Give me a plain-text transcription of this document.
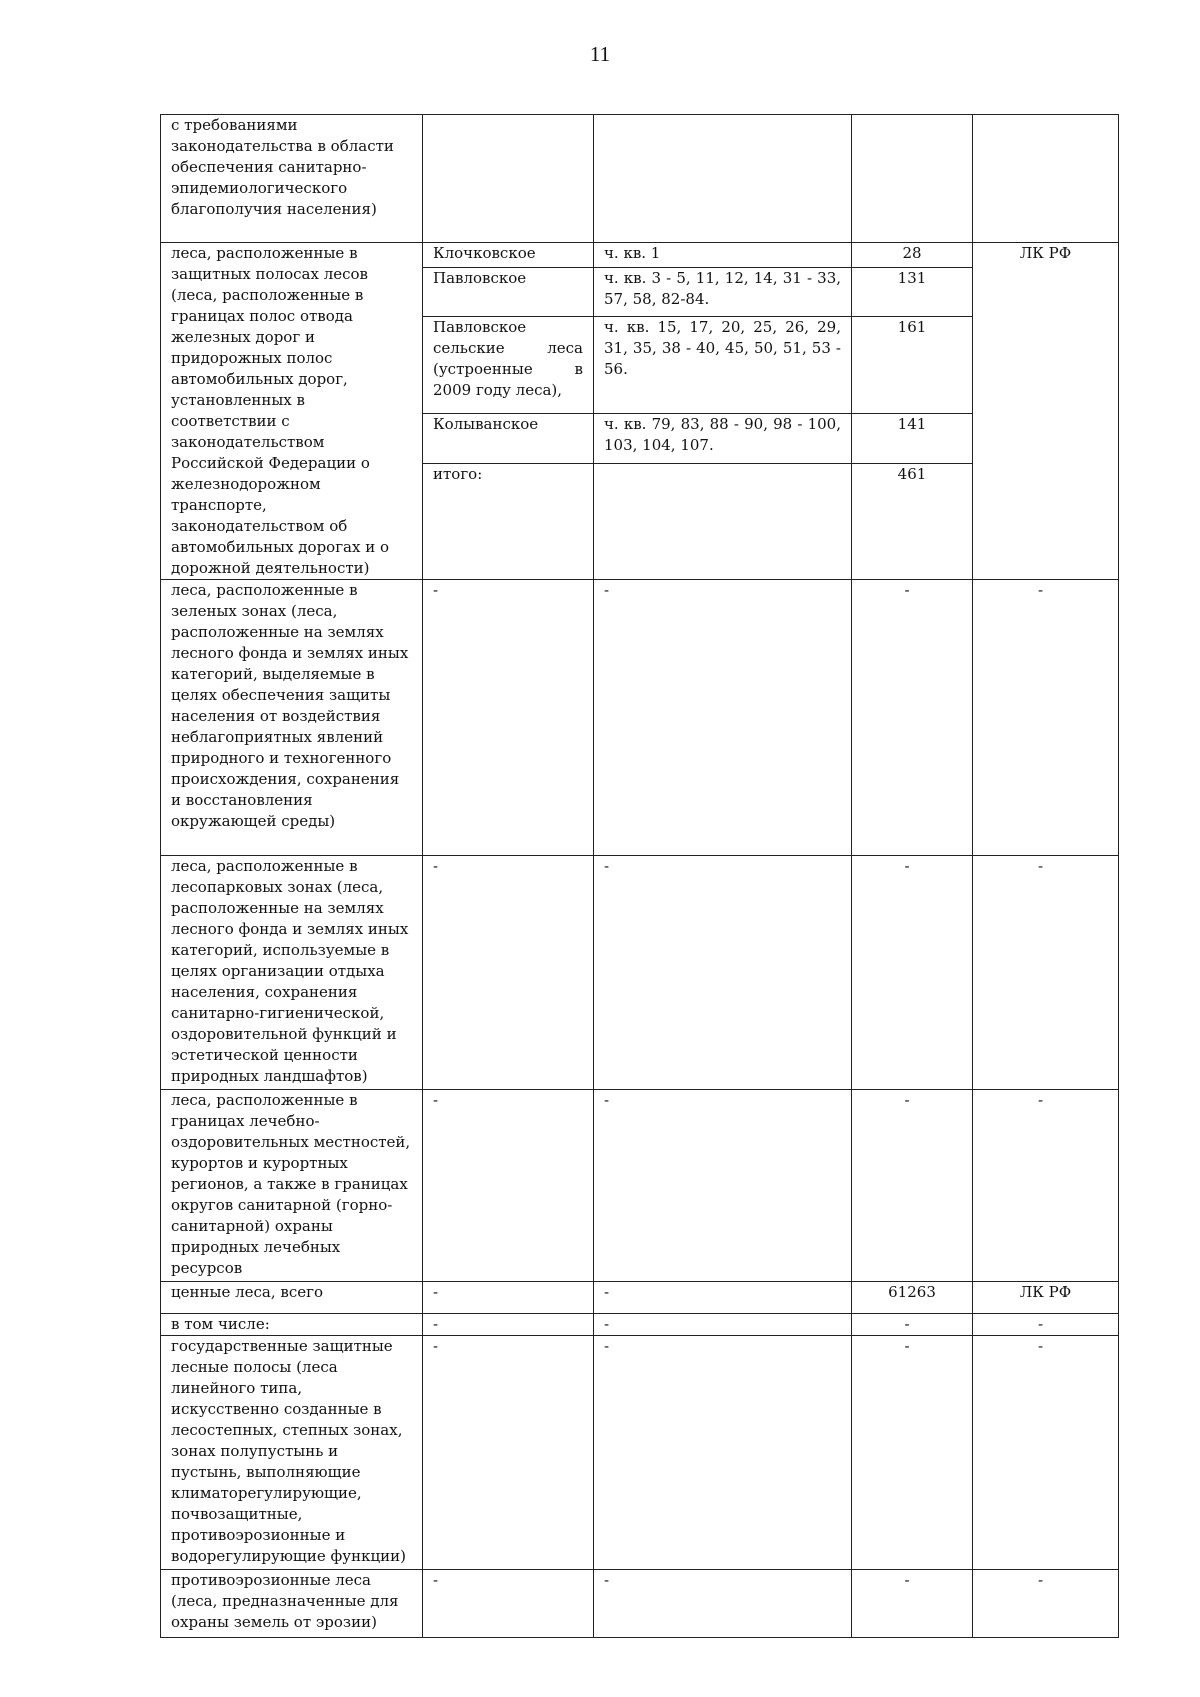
11
с требованиями законодательства в области обеспечения санитарно-эпидемиологического благополучия населения)				
леса, расположенные в защитных полосах лесов (леса, расположенные в границах полос отвода железных дорог и придорожных полос автомобильных дорог, установленных в соответствии с законодательством Российской Федерации о железнодорожном транспорте, законодательством об автомобильных дорогах и о дорожной деятельности)	Клочковское	ч. кв. 1	28	ЛК РФ
	Павловское	ч. кв. 3 - 5, 11, 12, 14, 31 - 33, 57, 58, 82-84.	131	
	Павловское сельские леса (устроенные в 2009 году леса),	ч. кв. 15, 17, 20, 25, 26, 29, 31, 35, 38 - 40, 45, 50, 51, 53 - 56.	161	
	Колыванское	ч. кв. 79, 83, 88 - 90, 98 - 100, 103, 104, 107.	141	
	итого:		461	
леса, расположенные в зеленых зонах (леса, расположенные на землях лесного фонда и землях иных категорий, выделяемые в целях обеспечения защиты населения от воздействия неблагоприятных явлений природного и техногенного происхождения, сохранения и восстановления окружающей среды)	-	-	-	-
леса, расположенные в лесопарковых зонах (леса, расположенные на землях лесного фонда и землях иных категорий, используемые в целях организации отдыха населения, сохранения санитарно-гигиенической, оздоровительной функций и эстетической ценности природных ландшафтов)	-	-	-	-
леса, расположенные в границах лечебно-оздоровительных местностей, курортов и курортных регионов, а также в границах округов санитарной (горно-санитарной) охраны природных лечебных ресурсов	-	-	-	-
ценные леса, всего	-	-	61263	ЛК РФ
в том числе:	-	-	-	-
государственные защитные лесные полосы (леса линейного типа, искусственно созданные в лесостепных, степных зонах, зонах полупустынь и пустынь, выполняющие климаторегулирующие, почвозащитные, противоэрозионные и водорегулирующие функции)	-	-	-	-
противоэрозионные леса (леса, предназначенные для охраны земель от эрозии)	-	-	-	-
